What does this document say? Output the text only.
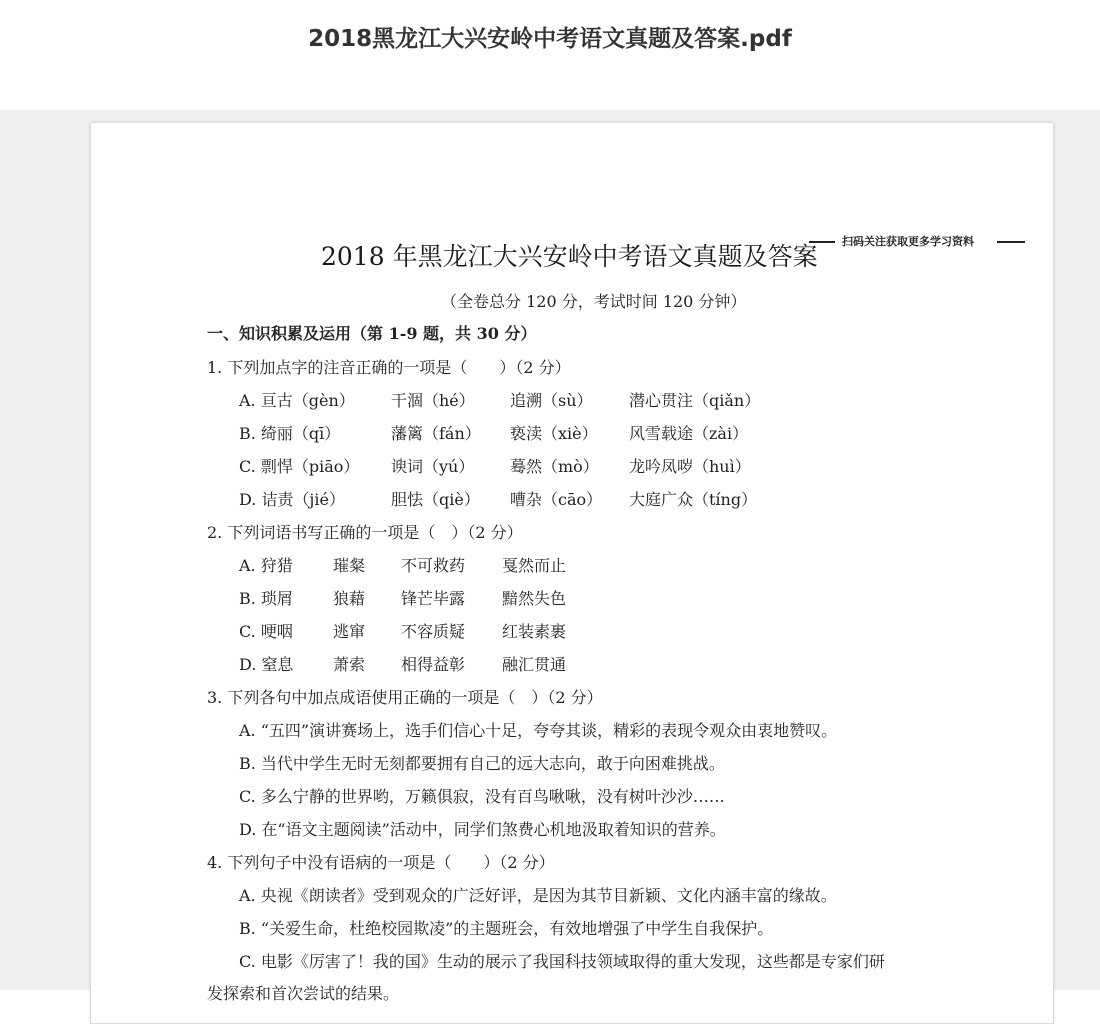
2018黑龙江大兴安岭中考语文真题及答案.pdf
扫码关注获取更多学习资料
2018 年黑龙江大兴安岭中考语文真题及答案
（全卷总分 120 分，考试时间 120 分钟）
一、知识积累及运用（第 1-9 题，共 30 分）
1. 下列加点字的注音正确的一项是（　　）（2 分）
A. 亘古（gèn） 干涸（hé） 追溯（sù） 潜心贯注（qiǎn）
B. 绮丽（qī）	藩篱（fán） 亵渎（xiè） 风雪载途（zài）
C. 剽悍（piāo） 谀词（yú） 蓦然（mò） 龙吟凤哕（huì）
D. 诘责（jié）	胆怯（qiè） 嘈杂（cāo） 大庭广众（tíng）
2. 下列词语书写正确的一项是（　）（2 分）
A. 狩猎	璀粲 不可救药 戛然而止
B. 琐屑	狼藉 锋芒毕露 黯然失色
C. 哽咽	逃窜 不容质疑 红装素裹
D. 窒息 萧索 相得益彰 融汇贯通
3. 下列各句中加点成语使用正确的一项是（　）（2 分）
A. “五四”演讲赛场上，选手们信心十足，夸夸其谈，精彩的表现令观众由衷地赞叹。
B. 当代中学生无时无刻都要拥有自己的远大志向，敢于向困难挑战。
C. 多么宁静的世界哟，万籁俱寂，没有百鸟啾啾，没有树叶沙沙……
D. 在“语文主题阅读”活动中，同学们煞费心机地汲取着知识的营养。
4. 下列句子中没有语病的一项是（　　）（2 分）
A. 央视《朗读者》受到观众的广泛好评，是因为其节目新颖、文化内涵丰富的缘故。
B. “关爱生命，杜绝校园欺凌”的主题班会，有效地增强了中学生自我保护。
C. 电影《厉害了！我的国》生动的展示了我国科技领域取得的重大发现，这些都是专家们研
发探索和首次尝试的结果。
